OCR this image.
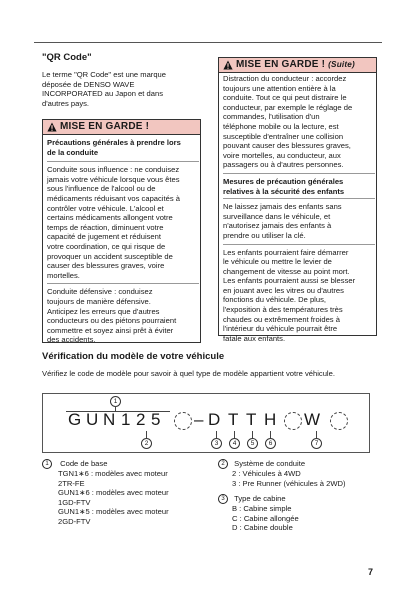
"QR Code"
Le terme "QR Code" est une marque
déposée de DENSO WAVE
INCORPORATED au Japon et dans
d'autres pays.
MISE EN GARDE !
Précautions générales à prendre lors
de la conduite
Conduite sous influence : ne conduisez
jamais votre véhicule lorsque vous êtes
sous l'influence de l'alcool ou de
médicaments réduisant vos capacités à
contrôler votre véhicule. L'alcool et
certains médicaments allongent votre
temps de réaction, diminuent votre
capacité de jugement et réduisent
votre coordination, ce qui risque de
provoquer un accident susceptible de
causer des blessures graves, voire
mortelles.
Conduite défensive : conduisez
toujours de manière défensive.
Anticipez les erreurs que d'autres
conducteurs ou des piétons pourraient
commettre et soyez ainsi prêt à éviter
des accidents.
MISE EN GARDE ! (Suite)
Distraction du conducteur : accordez
toujours une attention entière à la
conduite. Tout ce qui peut distraire le
conducteur, par exemple le réglage de
commandes, l'utilisation d'un
téléphone mobile ou la lecture, est
susceptible d'entraîner une collision
pouvant causer des blessures graves,
voire mortelles, au conducteur, aux
passagers ou à d'autres personnes.
Mesures de précaution générales
relatives à la sécurité des enfants
Ne laissez jamais des enfants sans
surveillance dans le véhicule, et
n'autorisez jamais des enfants à
prendre ou utiliser la clé.
Les enfants pourraient faire démarrer
le véhicule ou mettre le levier de
changement de vitesse au point mort.
Les enfants pourraient aussi se blesser
en jouant avec les vitres ou d'autres
fonctions du véhicule. De plus,
l'exposition à des températures très
chaudes ou extrêmement froides à
l'intérieur du véhicule pourrait être
fatale aux enfants.
Vérification du modèle de votre véhicule
Vérifiez le code de modèle pour savoir à quel type de modèle appartient votre véhicule.
1
G U N 1 2 5 – D T T H W
2	3	4	5	6	7
1 Code de base
TGN1∗6 : modèles avec moteur
2TR-FE
GUN1∗6 : modèles avec moteur
1GD-FTV
GUN1∗5 : modèles avec moteur
2GD-FTV
2 Système de conduite
2 : Véhicules à 4WD
3 : Pre Runner (véhicules à 2WD)
3 Type de cabine
B : Cabine simple
C : Cabine allongée
D : Cabine double
7
